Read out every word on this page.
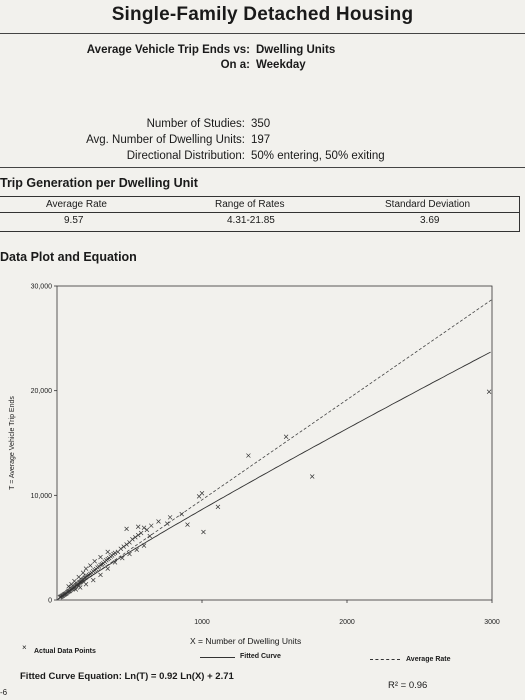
Single-Family Detached Housing
Average Vehicle Trip Ends vs: Dwelling Units
On a: Weekday
Number of Studies: 350
Avg. Number of Dwelling Units: 197
Directional Distribution: 50% entering, 50% exiting
Trip Generation per Dwelling Unit
Average Rate	Range of Rates	Standard Deviation
9.57	4.31-21.85	3.69
Data Plot and Equation
0
10,000
20,000
30,000
1000	2000	3000
T = Average Vehicle Trip Ends
X = Number of Dwelling Units
× Actual Data Points
Fitted Curve	Average Rate
Fitted Curve Equation: Ln(T) = 0.92 Ln(X) + 2.71
R² = 0.96
-6
